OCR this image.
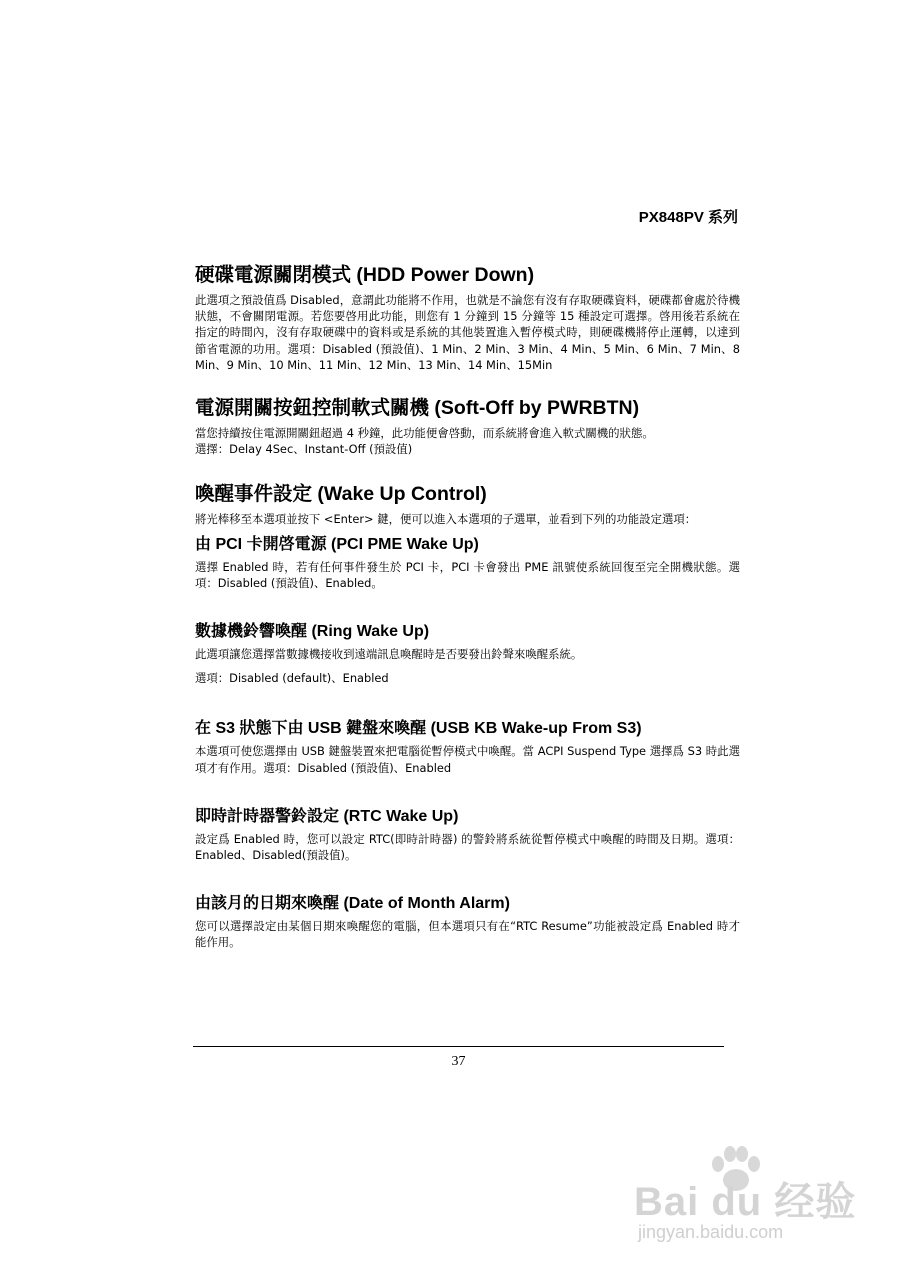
PX848PV 系列
硬碟電源關閉模式 (HDD Power Down)

此選項之預設值爲 Disabled，意謂此功能將不作用，也就是不論您有沒有存取硬碟資料，硬碟都會處於待機狀態，不會關閉電源。若您要啓用此功能，則您有 1 分鐘到 15 分鐘等 15 種設定可選擇。啓用後若系統在指定的時間內，沒有存取硬碟中的資料或是系統的其他裝置進入暫停模式時，則硬碟機將停止運轉，以達到節省電源的功用。選項：Disabled (預設值)、1 Min、2 Min、3 Min、4 Min、5 Min、6 Min、7 Min、8 Min、9 Min、10 Min、11 Min、12 Min、13 Min、14 Min、15Min

電源開關按鈕控制軟式關機 (Soft-Off by PWRBTN)

當您持續按住電源開關鈕超過 4 秒鐘，此功能便會啓動，而系統將會進入軟式關機的狀態。

選擇：Delay 4Sec、Instant-Off (預設值)

喚醒事件設定 (Wake Up Control)

將光棒移至本選項並按下 <Enter> 鍵，便可以進入本選項的子選單，並看到下列的功能設定選項：

由 PCI 卡開啓電源 (PCI PME Wake Up)

選擇 Enabled 時，若有任何事件發生於 PCI 卡，PCI 卡會發出 PME 訊號使系統回復至完全開機狀態。選項：Disabled (預設值)、Enabled。

數據機鈴響喚醒 (Ring Wake Up)

此選項讓您選擇當數據機接收到遠端訊息喚醒時是否要發出鈴聲來喚醒系統。

選項：Disabled (default)、Enabled

在 S3 狀態下由 USB 鍵盤來喚醒 (USB KB Wake-up From S3)

本選項可使您選擇由 USB 鍵盤裝置來把電腦從暫停模式中喚醒。當 ACPI Suspend Type 選擇爲 S3 時此選項才有作用。選項：Disabled (預設值)、Enabled

即時計時器警鈴設定 (RTC Wake Up)

設定爲 Enabled 時，您可以設定 RTC(即時計時器) 的警鈴將系統從暫停模式中喚醒的時間及日期。選項：Enabled、Disabled(預設值)。

由該月的日期來喚醒 (Date of Month Alarm)

您可以選擇設定由某個日期來喚醒您的電腦，但本選項只有在“RTC Resume”功能被設定爲 Enabled 時才能作用。

37
Bai du 经验
jingyan.baidu.com
